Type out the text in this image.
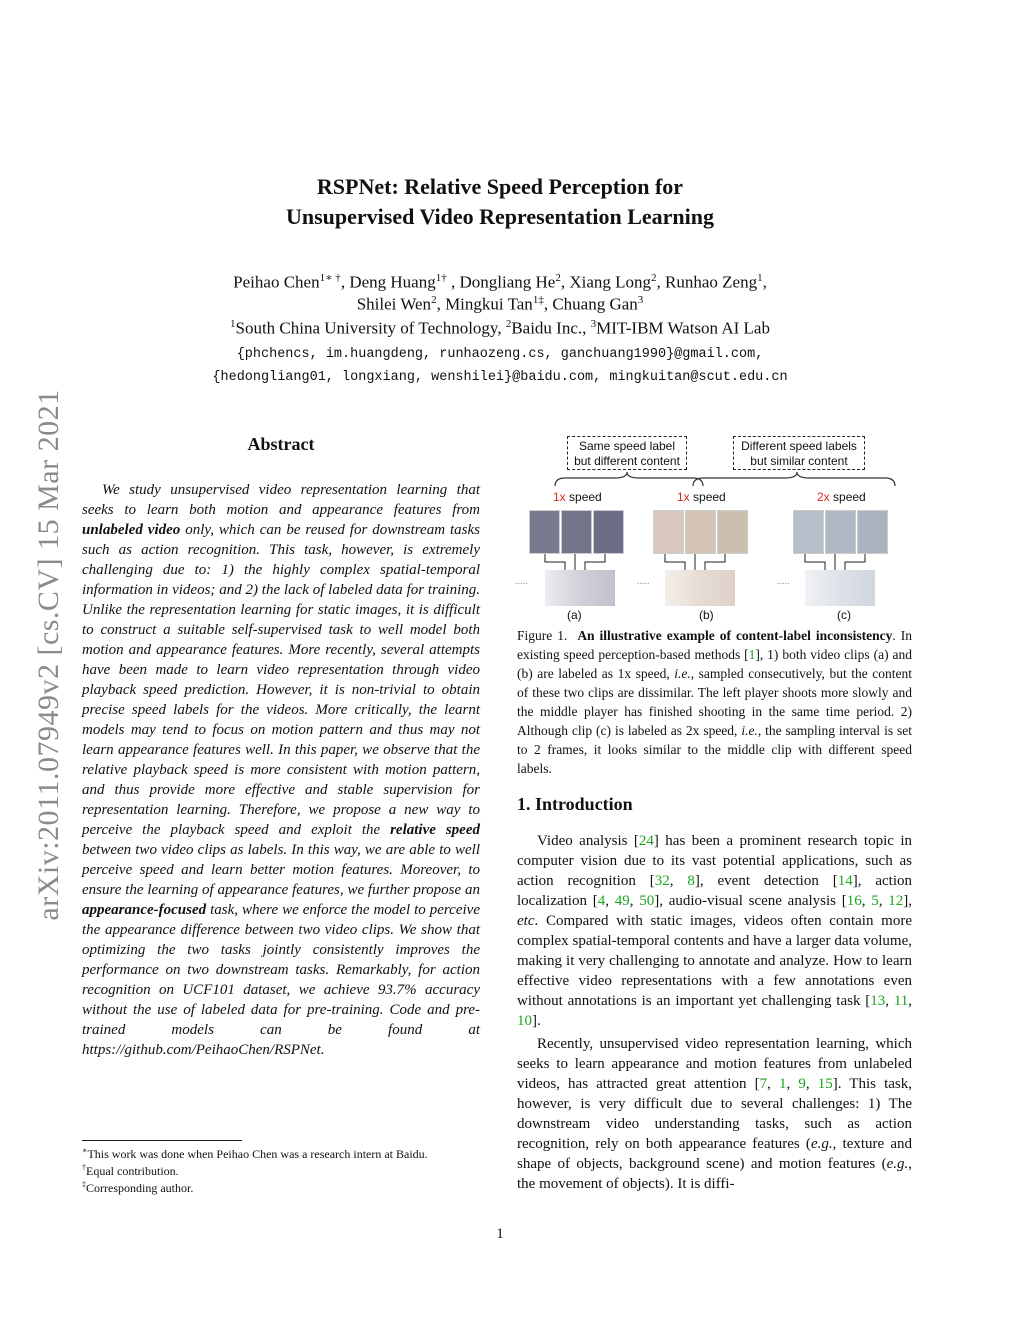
arXiv:2011.07949v2 [cs.CV] 15 Mar 2021
RSPNet: Relative Speed Perception for
Unsupervised Video Representation Learning
Peihao Chen$^{1∗ \dagger}$, Deng Huang$^{1\dagger}$ , Dongliang He$^2$, Xiang Long$^2$, Runhao Zeng$^1$,
Shilei Wen$^2$, Mingkui Tan$^{1\ddagger}$, Chuang Gan$^3$
$^1$South China University of Technology, $^2$Baidu Inc., $^3$MIT-IBM Watson AI Lab
{phchencs, im.huangdeng, runhaozeng.cs, ganchuang1990}@gmail.com,
{hedongliang01, longxiang, wenshilei}@baidu.com, mingkuitan@scut.edu.cn
Abstract
We study unsupervised video representation learning that seeks to learn both motion and appearance features from unlabeled video only, which can be reused for downstream tasks such as action recognition. This task, however, is extremely challenging due to: 1) the highly complex spatial-temporal information in videos; and 2) the lack of labeled data for training. Unlike the representation learning for static images, it is difficult to construct a suitable self-supervised task to well model both motion and appearance features. More recently, several attempts have been made to learn video representation through video playback speed prediction. However, it is non-trivial to obtain precise speed labels for the videos. More critically, the learnt models may tend to focus on motion pattern and thus may not learn appearance features well. In this paper, we observe that the relative playback speed is more consistent with motion pattern, and thus provide more effective and stable supervision for representation learning. Therefore, we propose a new way to perceive the playback speed and exploit the relative speed between two video clips as labels. In this way, we are able to well perceive speed and learn better motion features. Moreover, to ensure the learning of appearance features, we further propose an appearance-focused task, where we enforce the model to perceive the appearance difference between two video clips. We show that optimizing the two tasks jointly consistently improves the performance on two downstream tasks. Remarkably, for action recognition on UCF101 dataset, we achieve 93.7% accuracy without the use of labeled data for pre-training. Code and pre-trained models can be found at https://github.com/PeihaoChen/RSPNet.
∗This work was done when Peihao Chen was a research intern at Baidu.
†Equal contribution.
‡Corresponding author.
Same speed label
but different content
Different speed labels
but similar content
.....	.....	.....
1x speed	1x speed	2x speed
(a)	(b)	(c)
Figure 1. An illustrative example of content-label inconsistency. In existing speed perception-based methods [1], 1) both video clips (a) and (b) are labeled as 1x speed, i.e., sampled consecutively, but the content of these two clips are dissimilar. The left player shoots more slowly and the middle player has finished shooting in the same time period. 2) Although clip (c) is labeled as 2x speed, i.e., the sampling interval is set to 2 frames, it looks similar to the middle clip with different speed labels.
1. Introduction
Video analysis [24] has been a prominent research topic in computer vision due to its vast potential applications, such as action recognition [32, 8], event detection [14], action localization [4, 49, 50], audio-visual scene analysis [16, 5, 12], etc. Compared with static images, videos often contain more complex spatial-temporal contents and have a larger data volume, making it very challenging to annotate and analyze. How to learn effective video representations with a few annotations even without annotations is an important yet challenging task [13, 11, 10].
Recently, unsupervised video representation learning, which seeks to learn appearance and motion features from unlabeled videos, has attracted great attention [7, 1, 9, 15]. This task, however, is very difficult due to several challenges: 1) The downstream video understanding tasks, such as action recognition, rely on both appearance features (e.g., texture and shape of objects, background scene) and motion features (e.g., the movement of objects). It is diffi-
1
